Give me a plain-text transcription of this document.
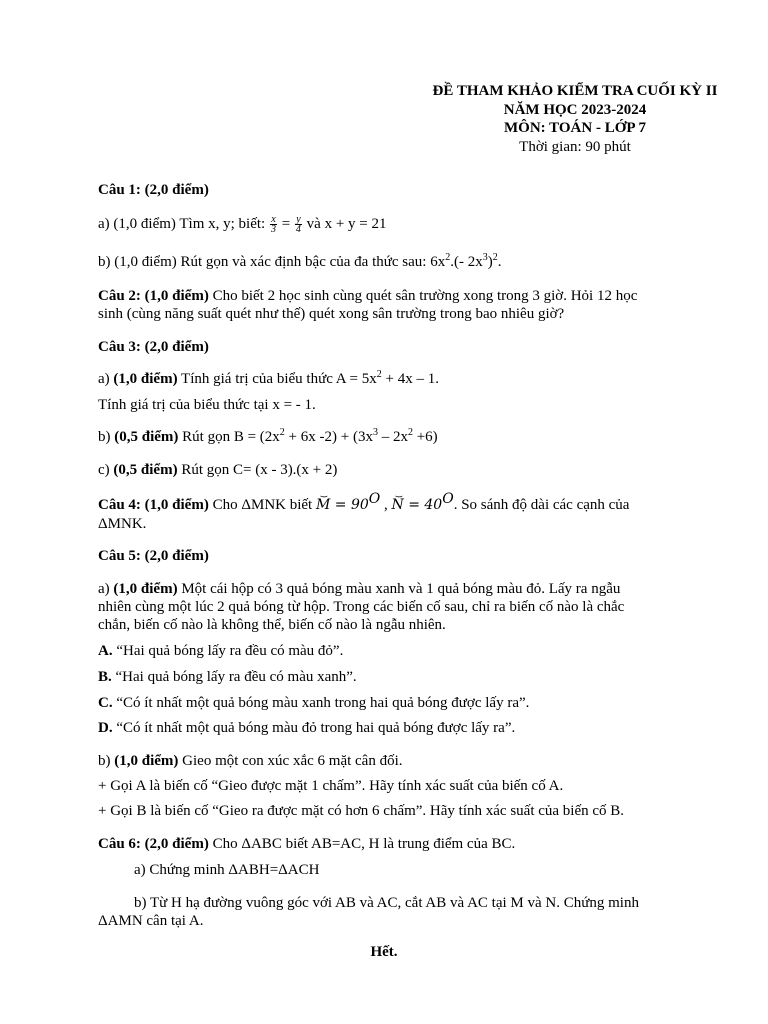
ĐỀ THAM KHẢO KIỂM TRA CUỐI KỲ II
NĂM HỌC 2023-2024
MÔN: TOÁN - LỚP 7
Thời gian: 90 phút
Câu 1: (2,0 điểm)
a) (1,0 điểm) Tìm x, y; biết: $\frac{x}{3} = \frac{y}{4}$ và x + y = 21
b) (1,0 điểm) Rút gọn và xác định bậc của đa thức sau: $6x^2.(-$ $2x^3)^2$.
Câu 2: (1,0 điểm) Cho biết 2 học sinh cùng quét sân trường xong trong 3 giờ. Hỏi 12 học
sinh (cùng năng suất quét như thế) quét xong sân trường trong bao nhiêu giờ?
Câu 3: (2,0 điểm)
a) (1,0 điểm) Tính giá trị của biểu thức $A = 5x^2 + 4x - 1$.
Tính giá trị của biểu thức tại x = - 1.
b) (0,5 điểm) Rút gọn $B = (2x^2 + 6x$ $-2) + (3x^3 - 2x^2 +6)$
c) (0,5 điểm) Rút gọn C= (x - 3).(x + 2)
Câu 4: (1,0 điểm) Cho ΔMNK biết ⌢ $M = 90^O$ , ⌢ $N = 40^O$. So sánh độ dài các cạnh của
ΔMNK.
Câu 5: (2,0 điểm)
a) (1,0 điểm) Một cái hộp có 3 quả bóng màu xanh và 1 quả bóng màu đỏ. Lấy ra ngẫu
nhiên cùng một lúc 2 quả bóng từ hộp. Trong các biến cố sau, chỉ ra biến cố nào là chắc
chắn, biến cố nào là không thể, biến cố nào là ngẫu nhiên.
A. “Hai quả bóng lấy ra đều có màu đỏ”.
B. “Hai quả bóng lấy ra đều có màu xanh”.
C. “Có ít nhất một quả bóng màu xanh trong hai quả bóng được lấy ra”.
D. “Có ít nhất một quả bóng màu đỏ trong hai quả bóng được lấy ra”.
b) (1,0 điểm) Gieo một con xúc xắc 6 mặt cân đối.
+ Gọi A là biến cố “Gieo được mặt 1 chấm”. Hãy tính xác suất của biến cố A.
+ Gọi B là biến cố “Gieo ra được mặt có hơn 6 chấm”. Hãy tính xác suất của biến cố B.
Câu 6: (2,0 điểm) Cho ΔABC biết AB=AC, H là trung điểm của BC.
a) Chứng minh ΔABH=ΔACH
b) Từ H hạ đường vuông góc với AB và AC, cắt AB và AC tại M và N. Chứng minh
ΔAMN cân tại A.
Hết.
